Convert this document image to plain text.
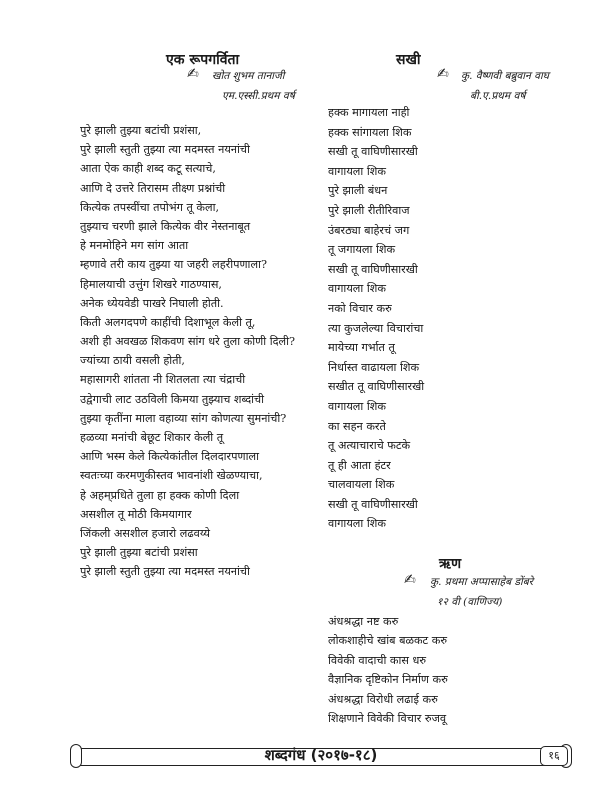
एक रूपगर्विता
✍ खोत शुभम तानाजी
एम.एस्सी.प्रथम वर्ष
पुरे झाली तुझ्या बटांची प्रशंसा,
पुरे झाली स्तुती तुझ्या त्या मदमस्त नयनांची
आता ऐक काही शब्द कटू सत्याचे,
आणि दे उत्तरे तिरासम तीक्ष्ण प्रश्नांची
कित्येक तपस्वींचा तपोभंग तू केला,
तुझ्याच चरणी झाले कित्येक वीर नेस्तनाबूत
हे मनमोहिने मग सांग आता
म्हणावे तरी काय तुझ्या या जहरी लहरीपणाला?
हिमालयाची उत्तुंग शिखरे गाठण्यास,
अनेक ध्येयवेडी पाखरे निघाली होती.
किती अलगदपणे काहींची दिशाभूल केली तू,
अशी ही अवखळ शिकवण सांग धरे तुला कोणी दिली?
ज्यांच्या ठायी वसली होती,
महासागरी शांतता नी शितलता त्या चंद्राची
उद्वेगाची लाट उठविली किमया तुझ्याच शब्दांची
तुझ्या कृतींना माला वहाव्या सांग कोणत्या सुमनांची?
हळव्या मनांची बेछूट शिकार केली तू
आणि भस्म केले कित्येकांतील दिलदारपणाला
स्वतःच्या करमणुकीस्तव भावनांशी खेळण्याचा,
हे अहम्‌प्रधिते तुला हा हक्क कोणी दिला
असशील तू मोठी किमयागार
जिंकली असशील हजारो लढवय्ये
पुरे झाली तुझ्या बटांची प्रशंसा
पुरे झाली स्तुती तुझ्या त्या मदमस्त नयनांची
सखी
✍ कु. वैष्णवी बब्रुवान वाघ
बी.ए.प्रथम वर्ष
हक्क मागायला नाही
हक्क सांगायला शिक
सखी तू वाघिणीसारखी
वागायला शिक
पुरे झाली बंधन
पुरे झाली रीतीरिवाज
उंबरठ्या बाहेरचं जग
तू जगायला शिक
सखी तू वाघिणीसारखी
वागायला शिक
नको विचार करु
त्या कुजलेल्या विचारांचा
मायेच्या गर्भात तू
निर्धास्त वाढायला शिक
सखीत तू वाघिणीसारखी
वागायला शिक
का सहन करते
तू अत्याचाराचे फटके
तू ही आता हंटर
चालवायला शिक
सखी तू वाघिणीसारखी
वागायला शिक
ऋण
✍ कु. प्रथमा अप्पासाहेब डोंबरे
१२ वी (वाणिज्य)
अंधश्रद्धा नष्ट करु
लोकशाहीचे खांब बळकट करु
विवेकी वादाची कास धरु
वैज्ञानिक दृष्टिकोन निर्माण करु
अंधश्रद्धा विरोधी लढाई करु
शिक्षणाने विवेकी विचार रुजवू
शब्दगंध (२०१७-१८)	१६
